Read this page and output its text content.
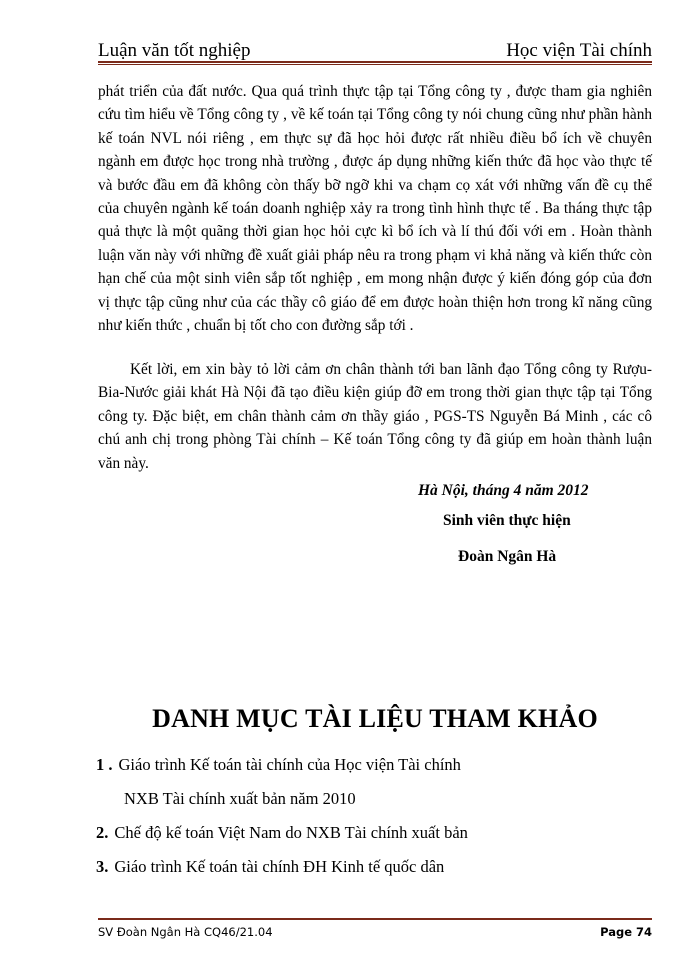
Luận văn tốt nghiệp	Học viện Tài chính
phát triển của đất nước. Qua quá trình thực tập tại Tổng công ty , được tham gia nghiên cứu tìm hiểu về Tổng công ty , về kế toán tại Tổng công ty nói chung cũng như phần hành kế toán NVL nói riêng , em thực sự đã học hỏi được rất nhiều điều bổ ích về chuyên ngành em được học trong nhà trường , được áp dụng những kiến thức đã học vào thực tế và bước đầu em đã không còn thấy bỡ ngỡ khi va chạm cọ xát với những vấn đề cụ thể của chuyên ngành kế toán doanh nghiệp xảy ra trong tình hình thực tế . Ba tháng thực tập quả thực là một quãng thời gian học hỏi cực kì bổ ích và lí thú đối với em . Hoàn thành luận văn này với những đề xuất giải pháp nêu ra trong phạm vi khả năng và kiến thức còn hạn chế của một sinh viên sắp tốt nghiệp , em mong nhận được ý kiến đóng góp của đơn vị thực tập cũng như của các thầy cô giáo để em được hoàn thiện hơn trong kĩ năng cũng như kiến thức , chuẩn bị tốt cho con đường sắp tới .
Kết lời, em xin bày tỏ lời cảm ơn chân thành tới ban lãnh đạo Tổng công ty Rượu-Bia-Nước giải khát Hà Nội đã tạo điều kiện giúp đỡ em trong thời gian thực tập tại Tổng công ty. Đặc biệt, em chân thành cảm ơn thầy giáo , PGS-TS Nguyễn Bá Minh , các cô chú anh chị trong phòng Tài chính – Kế toán Tổng công ty đã giúp em hoàn thành luận văn này.
Hà Nội, tháng 4 năm 2012
Sinh viên thực hiện
Đoàn Ngân Hà
DANH MỤC TÀI LIỆU THAM KHẢO
1 . Giáo trình Kế toán tài chính của Học viện Tài chính
NXB Tài chính xuất bản năm 2010
2. Chế độ kế toán Việt Nam do NXB Tài chính xuất bản
3. Giáo trình Kế toán tài chính ĐH Kinh tế quốc dân
SV Đoàn Ngân Hà CQ46/21.04	Page 74
